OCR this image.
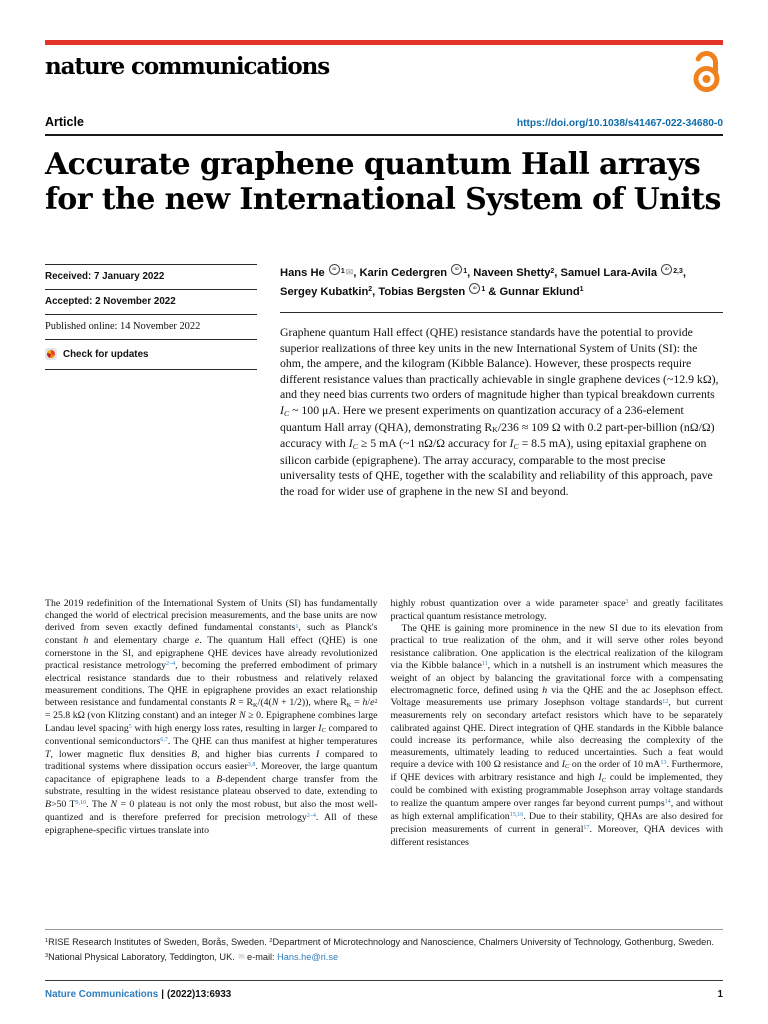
nature communications
Article	https://doi.org/10.1038/s41467-022-34680-0
Accurate graphene quantum Hall arrays for the new International System of Units
Received: 7 January 2022
Accepted: 2 November 2022
Published online: 14 November 2022
Check for updates
Hans He iD $^1$✉, Karin Cedergren iD $^1$, Naveen Shetty$^2$, Samuel Lara-Avila iD $^{2,3}$, Sergey Kubatkin$^2$, Tobias Bergsten iD $^1$ & Gunnar Eklund$^1$
Graphene quantum Hall effect (QHE) resistance standards have the potential to provide superior realizations of three key units in the new International System of Units (SI): the ohm, the ampere, and the kilogram (Kibble Balance). However, these prospects require different resistance values than practically achievable in single graphene devices (~12.9 kΩ), and they need bias currents two orders of magnitude higher than typical breakdown currents IC ~ 100 μA. Here we present experiments on quantization accuracy of a 236-element quantum Hall array (QHA), demonstrating RK/236 ≈ 109 Ω with 0.2 part-per-billion (nΩ/Ω) accuracy with IC ≥ 5 mA (~1 nΩ/Ω accuracy for IC = 8.5 mA), using epitaxial graphene on silicon carbide (epigraphene). The array accuracy, comparable to the most precise universality tests of QHE, together with the scalability and reliability of this approach, pave the road for wider use of graphene in the new SI and beyond.

The 2019 redefinition of the International System of Units (SI) has fundamentally changed the world of electrical precision measurements, and the base units are now derived from seven exactly defined fundamental constants$^1$, such as Planck's constant h and elementary charge e. The quantum Hall effect (QHE) is one cornerstone in the SI, and epigraphene QHE devices have already revolutionized practical resistance metrology$^{2-4}$, becoming the preferred embodiment of primary electrical resistance standards due to their robustness and relatively relaxed measurement conditions. The QHE in epigraphene provides an exact relationship between resistance and fundamental constants R = RK/(4(N + 1/2)), where RK = $h/e^2 = 25.8$ kΩ (von Klitzing constant) and an integer N ≥ 0. Epigraphene combines large Landau level spacing$^5$ with high energy loss rates, resulting in larger IC compared to conventional semiconductors$^{6,7}$. The QHE can thus manifest at higher temperatures T, lower magnetic flux densities B, and higher bias currents I compared to traditional systems where dissipation occurs easier$^{3,8}$. Moreover, the large quantum capacitance of epigraphene leads to a B-dependent charge transfer from the substrate, resulting in the widest resistance plateau observed to date, extending to B>50 T$^{9,10}$. The N = 0 plateau is not only the most robust, but also the most well-quantized and is therefore preferred for precision metrology$^{2-4}$. All of these epigraphene-specific virtues translate into

highly robust quantization over a wide parameter space$^3$ and greatly facilitates practical quantum resistance metrology.

The QHE is gaining more prominence in the new SI due to its elevation from practical to true realization of the ohm, and it will serve other roles beyond resistance calibration. One application is the electrical realization of the kilogram via the Kibble balance$^{11}$, which in a nutshell is an instrument which measures the weight of an object by balancing the gravitational force with a compensating electromagnetic force, defined using h via the QHE and the ac Josephson effect. Voltage measurements use primary Josephson voltage standards$^{12}$, but current measurements rely on secondary artefact resistors which have to be separately calibrated against QHE. Direct integration of QHE standards in the Kibble balance could increase its performance, while also decreasing the complexity of the measurements, ultimately leading to reduced uncertainties. Such a feat would require a device with 100 Ω resistance and IC on the order of 10 mA$^{13}$. Furthermore, if QHE devices with arbitrary resistance and high IC could be implemented, they could be combined with existing programmable Josephson array voltage standards to realize the quantum ampere over ranges far beyond current pumps$^{14}$, and without as high external amplification$^{15,16}$. Due to their stability, QHAs are also desired for precision measurements of current in general$^{17}$. Moreover, QHA devices with different resistances

$^1$RISE Research Institutes of Sweden, Borås, Sweden. $^2$Department of Microtechnology and Nanoscience, Chalmers University of Technology, Gothenburg, Sweden. $^3$National Physical Laboratory, Teddington, UK. ✉ e-mail: Hans.he@ri.se
Nature Communications | (2022)13:6933	1
